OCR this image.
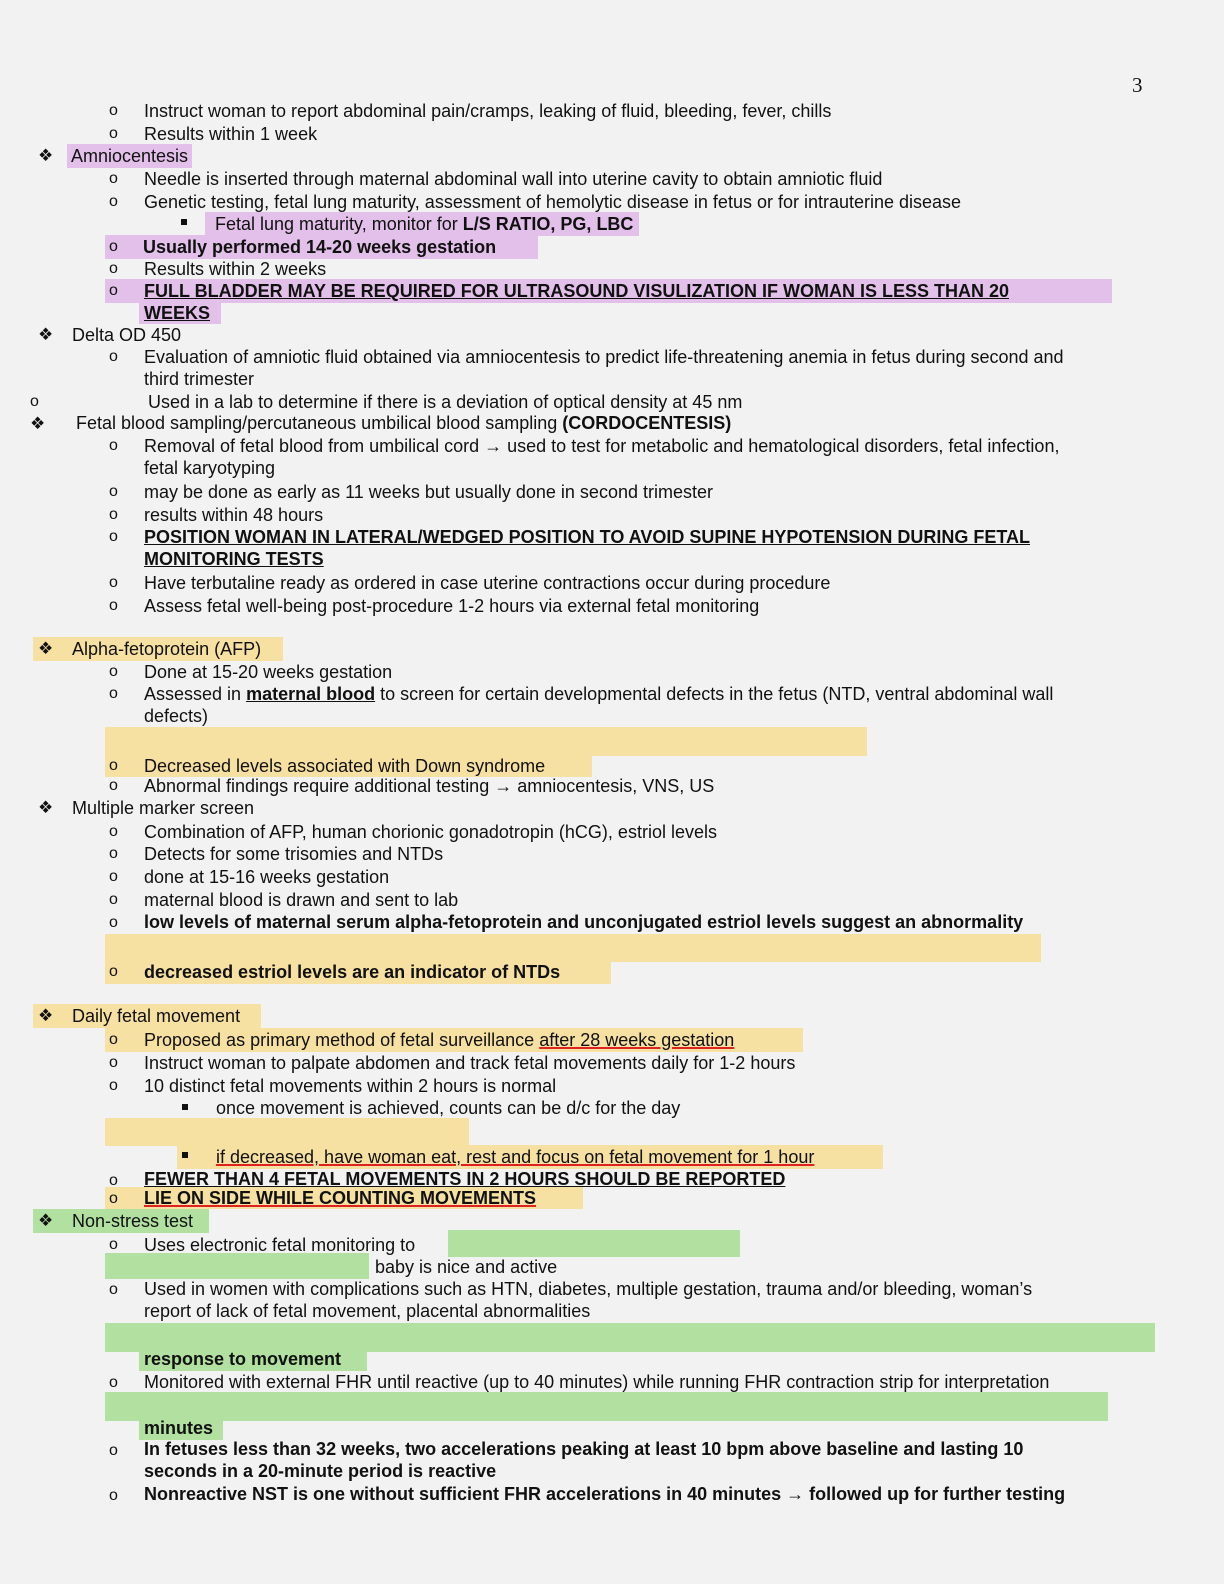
3
o Instruct woman to report abdominal pain/cramps, leaking of fluid, bleeding, fever, chills
o Results within 1 week
❖ Amniocentesis
o Needle is inserted through maternal abdominal wall into uterine cavity to obtain amniotic fluid
o Genetic testing, fetal lung maturity, assessment of hemolytic disease in fetus or for intrauterine disease
Fetal lung maturity, monitor for L/S RATIO, PG, LBC
o Usually performed 14-20 weeks gestation
o Results within 2 weeks
o FULL BLADDER MAY BE REQUIRED FOR ULTRASOUND VISULIZATION IF WOMAN IS LESS THAN 20
WEEKS
❖ Delta OD 450
o Evaluation of amniotic fluid obtained via amniocentesis to predict life-threatening anemia in fetus during second and
third trimester
o	Used in a lab to determine if there is a deviation of optical density at 45 nm
❖ Fetal blood sampling/percutaneous umbilical blood sampling (CORDOCENTESIS)
o Removal of fetal blood from umbilical cord → used to test for metabolic and hematological disorders, fetal infection,
fetal karyotyping
o may be done as early as 11 weeks but usually done in second trimester
o results within 48 hours
o POSITION WOMAN IN LATERAL/WEDGED POSITION TO AVOID SUPINE HYPOTENSION DURING FETAL
MONITORING TESTS
o Have terbutaline ready as ordered in case uterine contractions occur during procedure
o Assess fetal well-being post-procedure 1-2 hours via external fetal monitoring
❖ Alpha-fetoprotein (AFP)
o Done at 15-20 weeks gestation
o Assessed in maternal blood to screen for certain developmental defects in the fetus (NTD, ventral abdominal wall
defects)
o Decreased levels associated with Down syndrome
o Abnormal findings require additional testing → amniocentesis, VNS, US
❖ Multiple marker screen
o Combination of AFP, human chorionic gonadotropin (hCG), estriol levels
o Detects for some trisomies and NTDs
o done at 15-16 weeks gestation
o maternal blood is drawn and sent to lab
o low levels of maternal serum alpha-fetoprotein and unconjugated estriol levels suggest an abnormality
o decreased estriol levels are an indicator of NTDs
❖ Daily fetal movement
o Proposed as primary method of fetal surveillance after 28 weeks gestation
o Instruct woman to palpate abdomen and track fetal movements daily for 1-2 hours
o 10 distinct fetal movements within 2 hours is normal
once movement is achieved, counts can be d/c for the day
if decreased, have woman eat, rest and focus on fetal movement for 1 hour
o FEWER THAN 4 FETAL MOVEMENTS IN 2 HOURS SHOULD BE REPORTED
o LIE ON SIDE WHILE COUNTING MOVEMENTS
❖ Non-stress test
o Uses electronic fetal monitoring to
baby is nice and active
o Used in women with complications such as HTN, diabetes, multiple gestation, trauma and/or bleeding, woman’s
report of lack of fetal movement, placental abnormalities
response to movement
o Monitored with external FHR until reactive (up to 40 minutes) while running FHR contraction strip for interpretation
minutes
o In fetuses less than 32 weeks, two accelerations peaking at least 10 bpm above baseline and lasting 10
seconds in a 20-minute period is reactive
o Nonreactive NST is one without sufficient FHR accelerations in 40 minutes → followed up for further testing
